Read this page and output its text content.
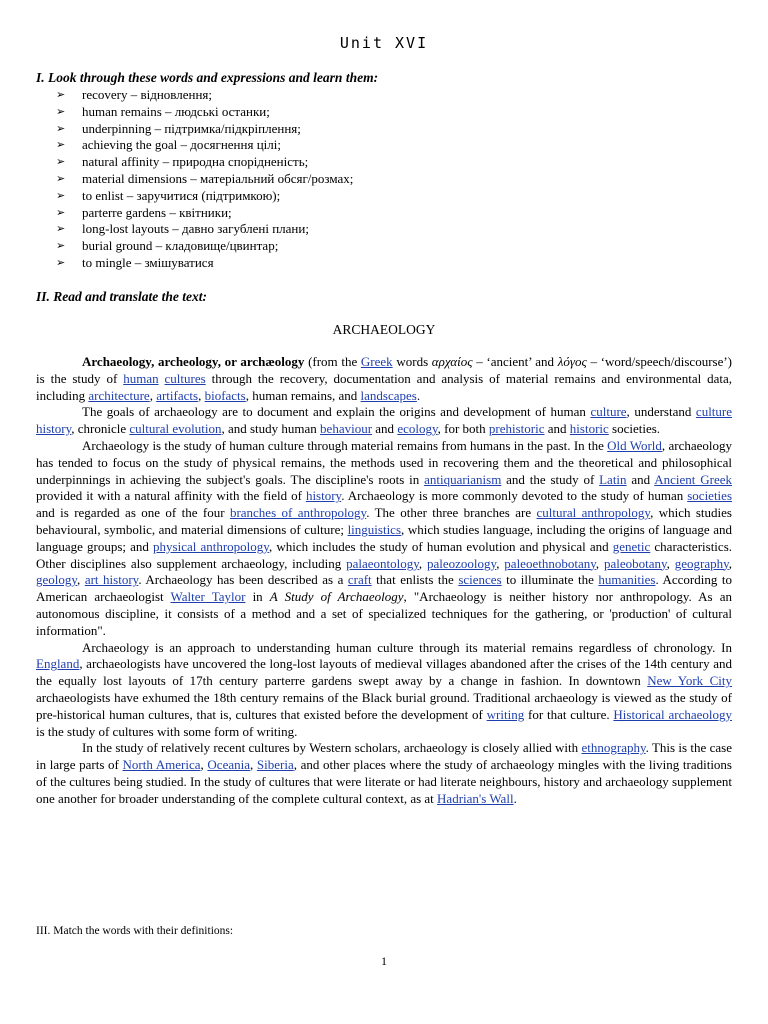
Unit XVI
I. Look through these words and expressions and learn them:
➢	recovery – відновлення;
➢	human remains – людські останки;
➢	underpinning – підтримка/підкріплення;
➢	achieving the goal – досягнення цілі;
➢	natural affinity – природна спорідненість;
➢	material dimensions – матеріальний обсяг/розмах;
➢	to enlist – заручитися (підтримкою);
➢	parterre gardens – квітники;
➢	long-lost layouts – давно загублені плани;
➢	burial ground – кладовище/цвинтар;
➢	to mingle – змішуватися
II. Read and translate the text:
ARCHAEOLOGY

Archaeology, archeology, or archæology (from the Greek words αρχαίος – ‘ancient’ and λόγος – ‘word/speech/discourse’) is the study of human cultures through the recovery, documentation and analysis of material remains and environmental data, including architecture, artifacts, biofacts, human remains, and landscapes.

The goals of archaeology are to document and explain the origins and development of human culture, understand culture history, chronicle cultural evolution, and study human behaviour and ecology, for both prehistoric and historic societies.

Archaeology is the study of human culture through material remains from humans in the past. In the Old World, archaeology has tended to focus on the study of physical remains, the methods used in recovering them and the theoretical and philosophical underpinnings in achieving the subject's goals. The discipline's roots in antiquarianism and the study of Latin and Ancient Greek provided it with a natural affinity with the field of history. Archaeology is more commonly devoted to the study of human societies and is regarded as one of the four branches of anthropology. The other three branches are cultural anthropology, which studies behavioural, symbolic, and material dimensions of culture; linguistics, which studies language, including the origins of language and language groups; and physical anthropology, which includes the study of human evolution and physical and genetic characteristics. Other disciplines also supplement archaeology, including palaeontology, paleozoology, paleoethnobotany, paleobotany, geography, geology, art history. Archaeology has been described as a craft that enlists the sciences to illuminate the humanities. According to American archaeologist Walter Taylor in A Study of Archaeology, "Archaeology is neither history nor anthropology. As an autonomous discipline, it consists of a method and a set of specialized techniques for the gathering, or 'production' of cultural information".

Archaeology is an approach to understanding human culture through its material remains regardless of chronology. In England, archaeologists have uncovered the long-lost layouts of medieval villages abandoned after the crises of the 14th century and the equally lost layouts of 17th century parterre gardens swept away by a change in fashion. In downtown New York City archaeologists have exhumed the 18th century remains of the Black burial ground. Traditional archaeology is viewed as the study of pre-historical human cultures, that is, cultures that existed before the development of writing for that culture. Historical archaeology is the study of cultures with some form of writing.

In the study of relatively recent cultures by Western scholars, archaeology is closely allied with ethnography. This is the case in large parts of North America, Oceania, Siberia, and other places where the study of archaeology mingles with the living traditions of the cultures being studied. In the study of cultures that were literate or had literate neighbours, history and archaeology supplement one another for broader understanding of the complete cultural context, as at Hadrian's Wall.

III. Match the words with their definitions:
1
